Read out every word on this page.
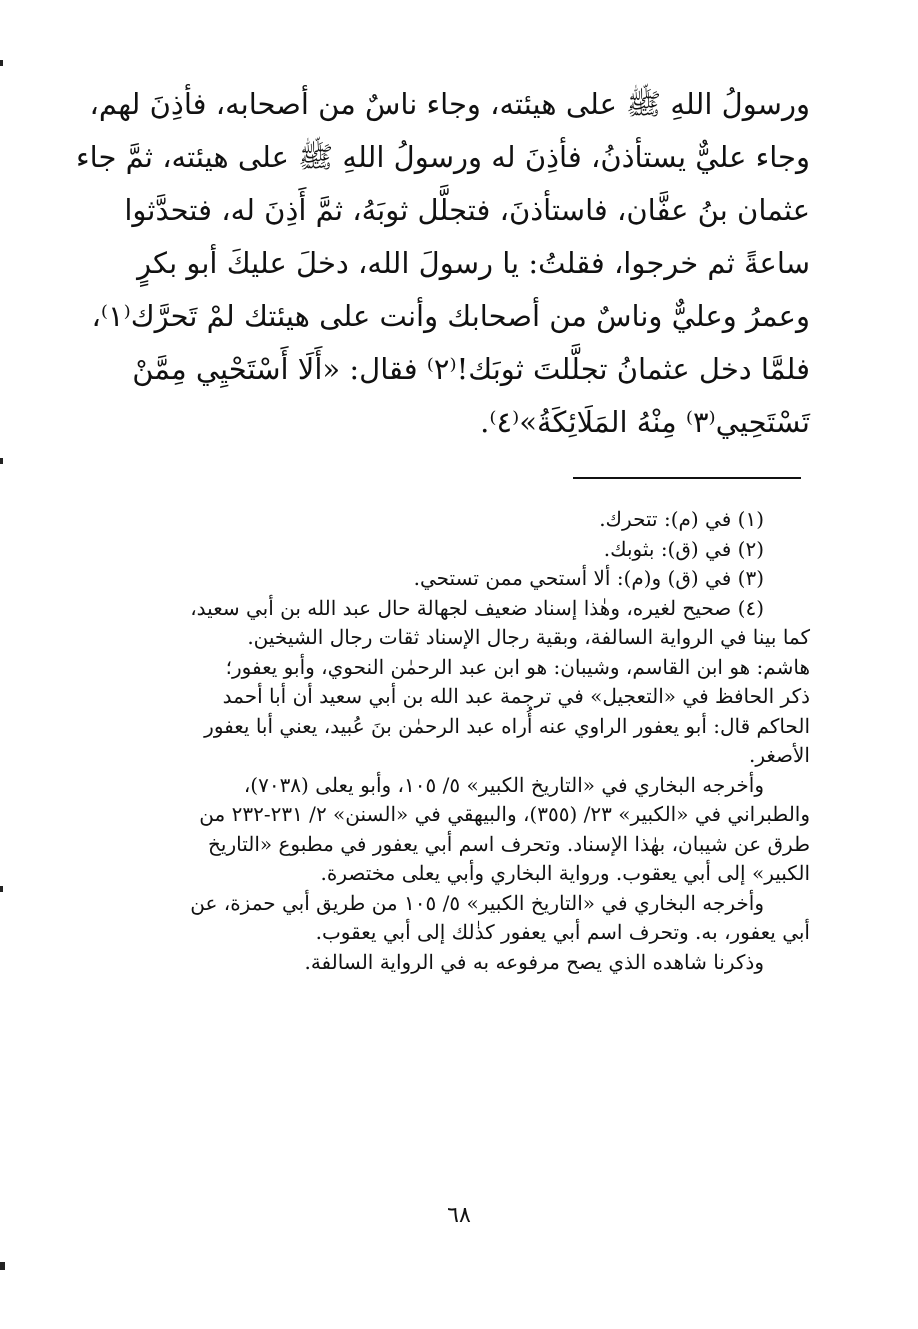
ورسولُ اللهِ ﷺ على هيئته، وجاء ناسٌ من أصحابه، فأذِنَ لهم،
وجاء عليٌّ يستأذنُ، فأذِنَ له ورسولُ اللهِ ﷺ على هيئته، ثمَّ جاء
عثمان بنُ عفَّان، فاستأذنَ، فتجلَّل ثوبَهُ، ثمَّ أَذِنَ له، فتحدَّثوا
ساعةً ثم خرجوا، فقلتُ: يا رسولَ الله، دخلَ عليكَ أبو بكرٍ
وعمرُ وعليٌّ وناسٌ من أصحابك وأنت على هيئتك لمْ تَحرَّك⁽١⁾،
فلمَّا دخل عثمانُ تجلَّلتَ ثوبَك!⁽٢⁾ فقال: «أَلَا أَسْتَحْيِي مِمَّنْ
تَسْتَحِيي⁽٣⁾ مِنْهُ المَلَائِكَةُ»⁽٤⁾.
(١) في (م): تتحرك.
(٢) في (ق): بثوبك.
(٣) في (ق) و(م): ألا أستحي ممن تستحي.
(٤) صحيح لغيره، وهٰذا إسناد ضعيف لجهالة حال عبد الله بن أبي سعيد،
كما بينا في الرواية السالفة، وبقية رجال الإسناد ثقات رجال الشيخين.
هاشم: هو ابن القاسم، وشيبان: هو ابن عبد الرحمٰن النحوي، وأبو يعفور؛
ذكر الحافظ في «التعجيل» في ترجمة عبد الله بن أبي سعيد أن أبا أحمد
الحاكم قال: أبو يعفور الراوي عنه أُراه عبد الرحمٰن بنَ عُبيد، يعني أبا يعفور
الأصغر.
وأخرجه البخاري في «التاريخ الكبير» ٥/ ١٠٥، وأبو يعلى (٧٠٣٨)،
والطبراني في «الكبير» ٢٣/ (٣٥٥)، والبيهقي في «السنن» ٢/ ٢٣١-٢٣٢ من
طرق عن شيبان، بهٰذا الإسناد. وتحرف اسم أبي يعفور في مطبوع «التاريخ
الكبير» إلى أبي يعقوب. ورواية البخاري وأبي يعلى مختصرة.
وأخرجه البخاري في «التاريخ الكبير» ٥/ ١٠٥ من طريق أبي حمزة، عن
أبي يعفور، به. وتحرف اسم أبي يعفور كذٰلك إلى أبي يعقوب.
وذكرنا شاهده الذي يصح مرفوعه به في الرواية السالفة.
٦٨
